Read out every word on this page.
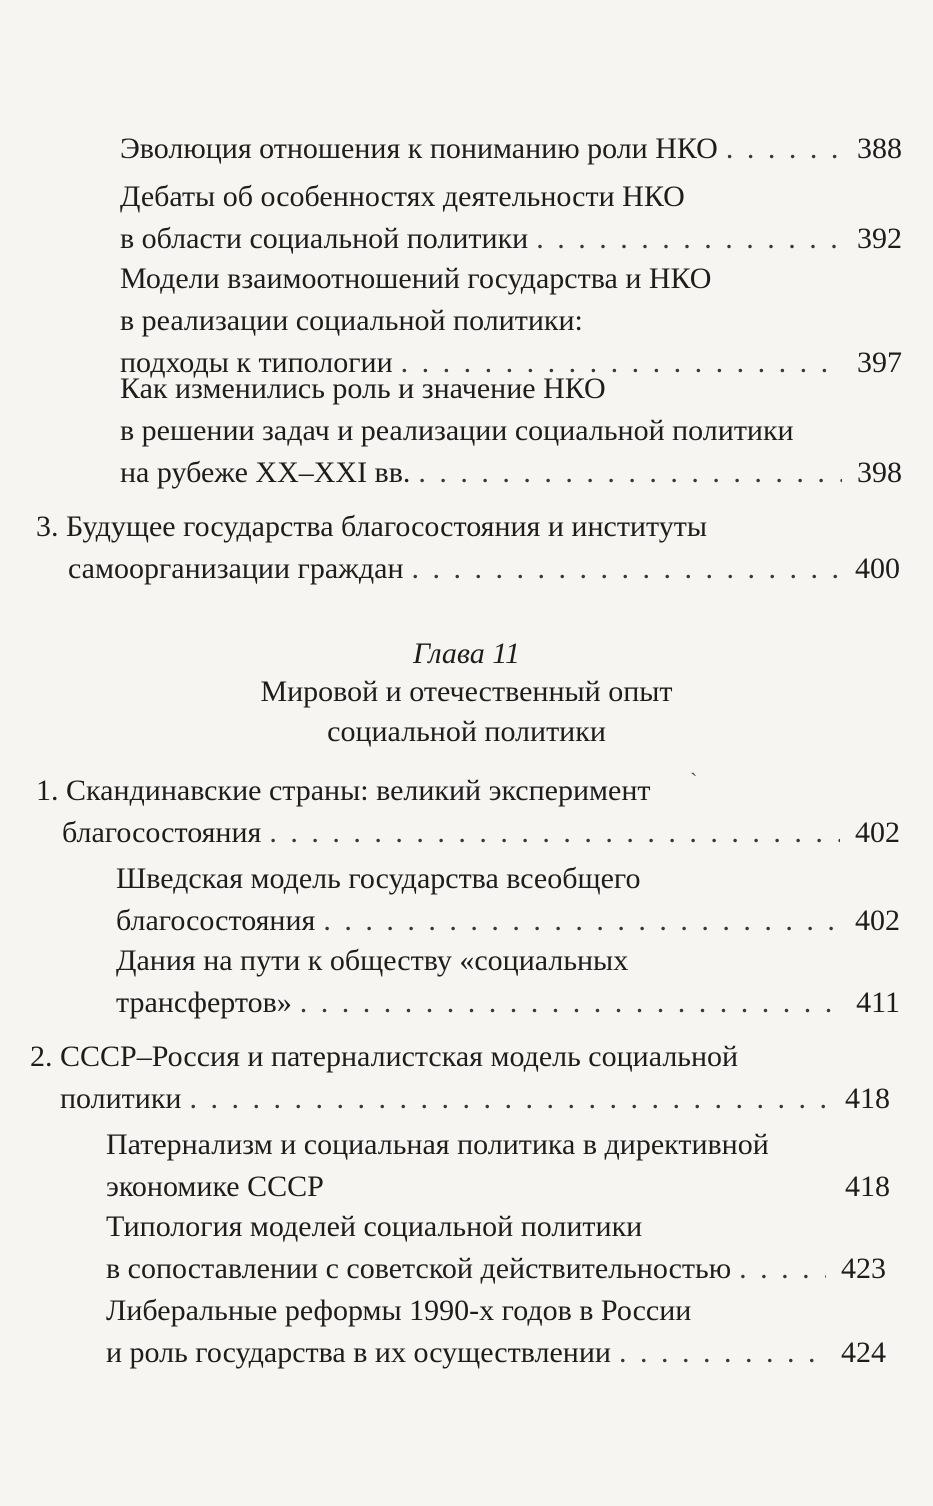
Эволюция отношения к пониманию роли НКО . . .	388
Дебаты об особенностях деятельности НКО
в области социальной политики . . .	392
Модели взаимоотношений государства и НКО
в реализации социальной политики:
подходы к типологии . . .	397
Как изменились роль и значение НКО
в решении задач и реализации социальной политики
на рубеже XX–XXI вв. . . .	398
3. Будущее государства благосостояния и институты
самоорганизации граждан . . .	400
Глава 11
Мировой и отечественный опыт
социальной политики
1. Скандинавские страны: великий эксперимент
благосостояния . . .	402
ˋ
Шведская модель государства всеобщего
благосостояния . . .	402
Дания на пути к обществу «социальных
трансфертов» . . .	411
2. СССР–Россия и патерналистская модель социальной
политики . . .	418
Патернализм и социальная политика в директивной
экономике СССР	418
Типология моделей социальной политики
в сопоставлении с советской действительностью . . .	423
Либеральные реформы 1990-х годов в России
и роль государства в их осуществлении . . .	424
